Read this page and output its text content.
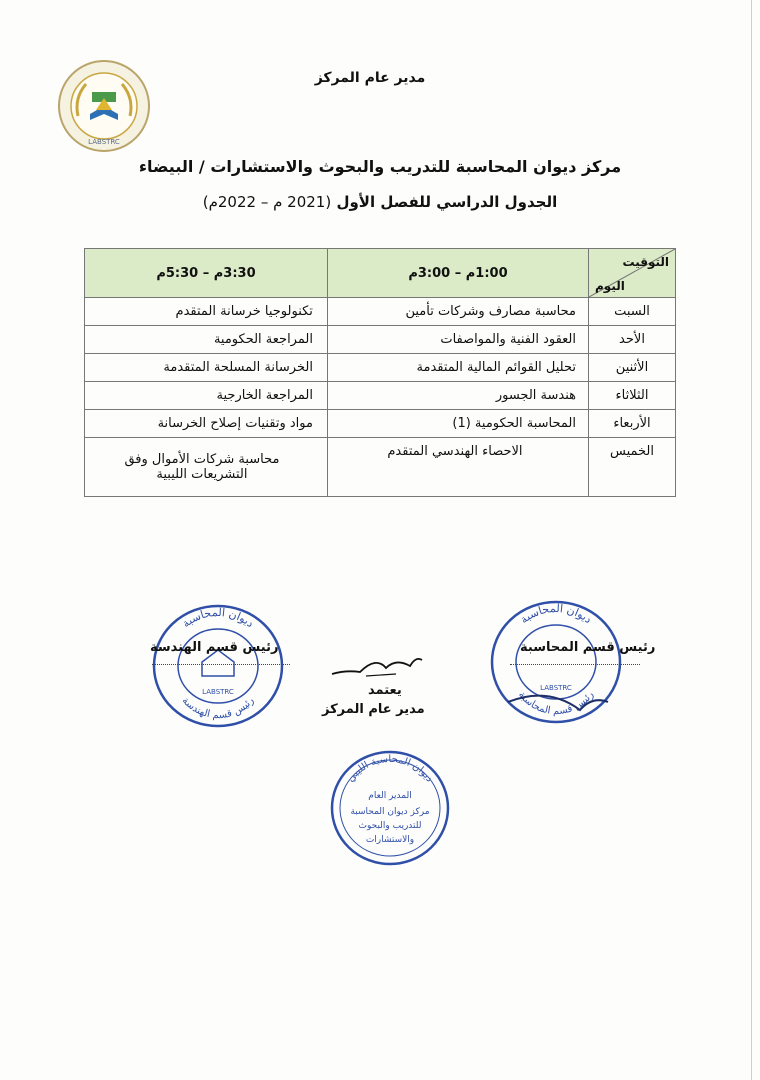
LABSTRC
مدير عام المركز
مركز ديوان المحاسبة للتدريب والبحوث والاستشارات / البيضاء
الجدول الدراسي للفصل الأول (2021 م – 2022م)
التوقيت
اليوم	1:00م – 3:00م	3:30م – 5:30م
السبت	محاسبة مصارف وشركات تأمين	تكنولوجيا خرسانة المتقدم
الأحد	العقود الفنية والمواصفات	المراجعة الحكومية
الأثنين	تحليل القوائم المالية المتقدمة	الخرسانة المسلحة المتقدمة
الثلاثاء	هندسة الجسور	المراجعة الخارجية
الأربعاء	المحاسبة الحكومية (1)	مواد وتقنيات إصلاح الخرسانة
الخميس	الاحصاء الهندسي المتقدم	محاسبة شركات الأموال وفق
التشريعات الليبية
ديوان المحاسبة
رئيس قسم الهندسة
LABSTRC
رئيس قسم الهندسة
ديوان المحاسبة
رئيس قسم المحاسبة
LABSTRC
رئيس قسم المحاسبة
يعتمد
مدير عام المركز
ديوان المحاسبة الليبي
المدير العام
مركز ديوان المحاسبة
للتدريب والبحوث
والاستشارات
